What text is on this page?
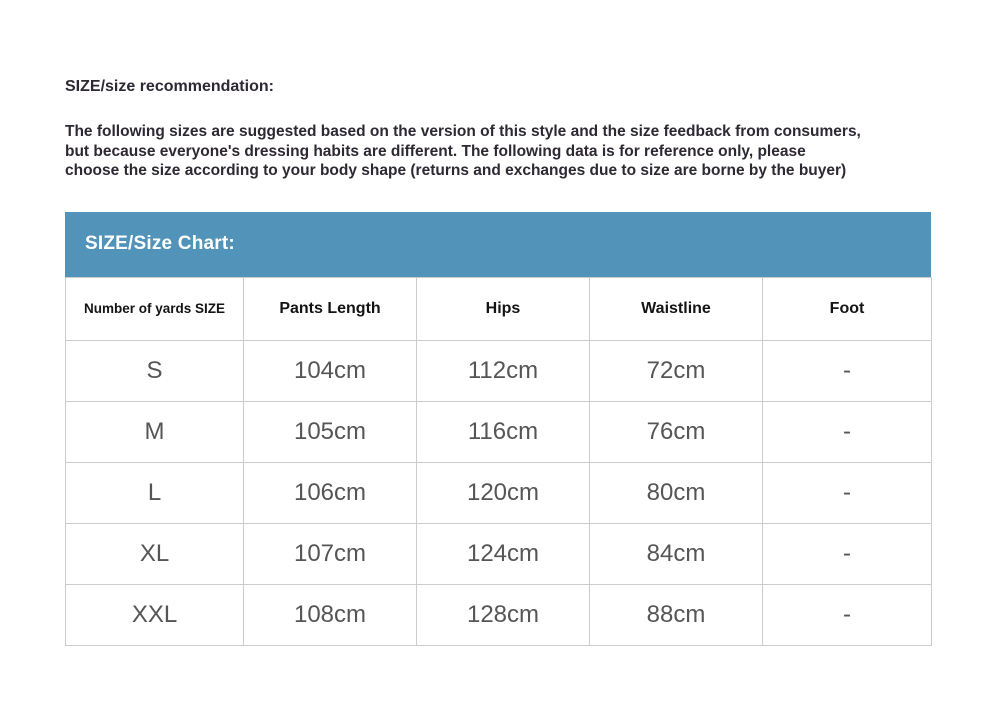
SIZE/size recommendation:
The following sizes are suggested based on the version of this style and the size feedback from consumers,
but because everyone's dressing habits are different. The following data is for reference only, please
choose the size according to your body shape (returns and exchanges due to size are borne by the buyer)
SIZE/Size Chart:
Number of yards SIZE	Pants Length	Hips	Waistline	Foot
S	104cm	112cm	72cm	-
M	105cm	116cm	76cm	-
L	106cm	120cm	80cm	-
XL	107cm	124cm	84cm	-
XXL	108cm	128cm	88cm	-
